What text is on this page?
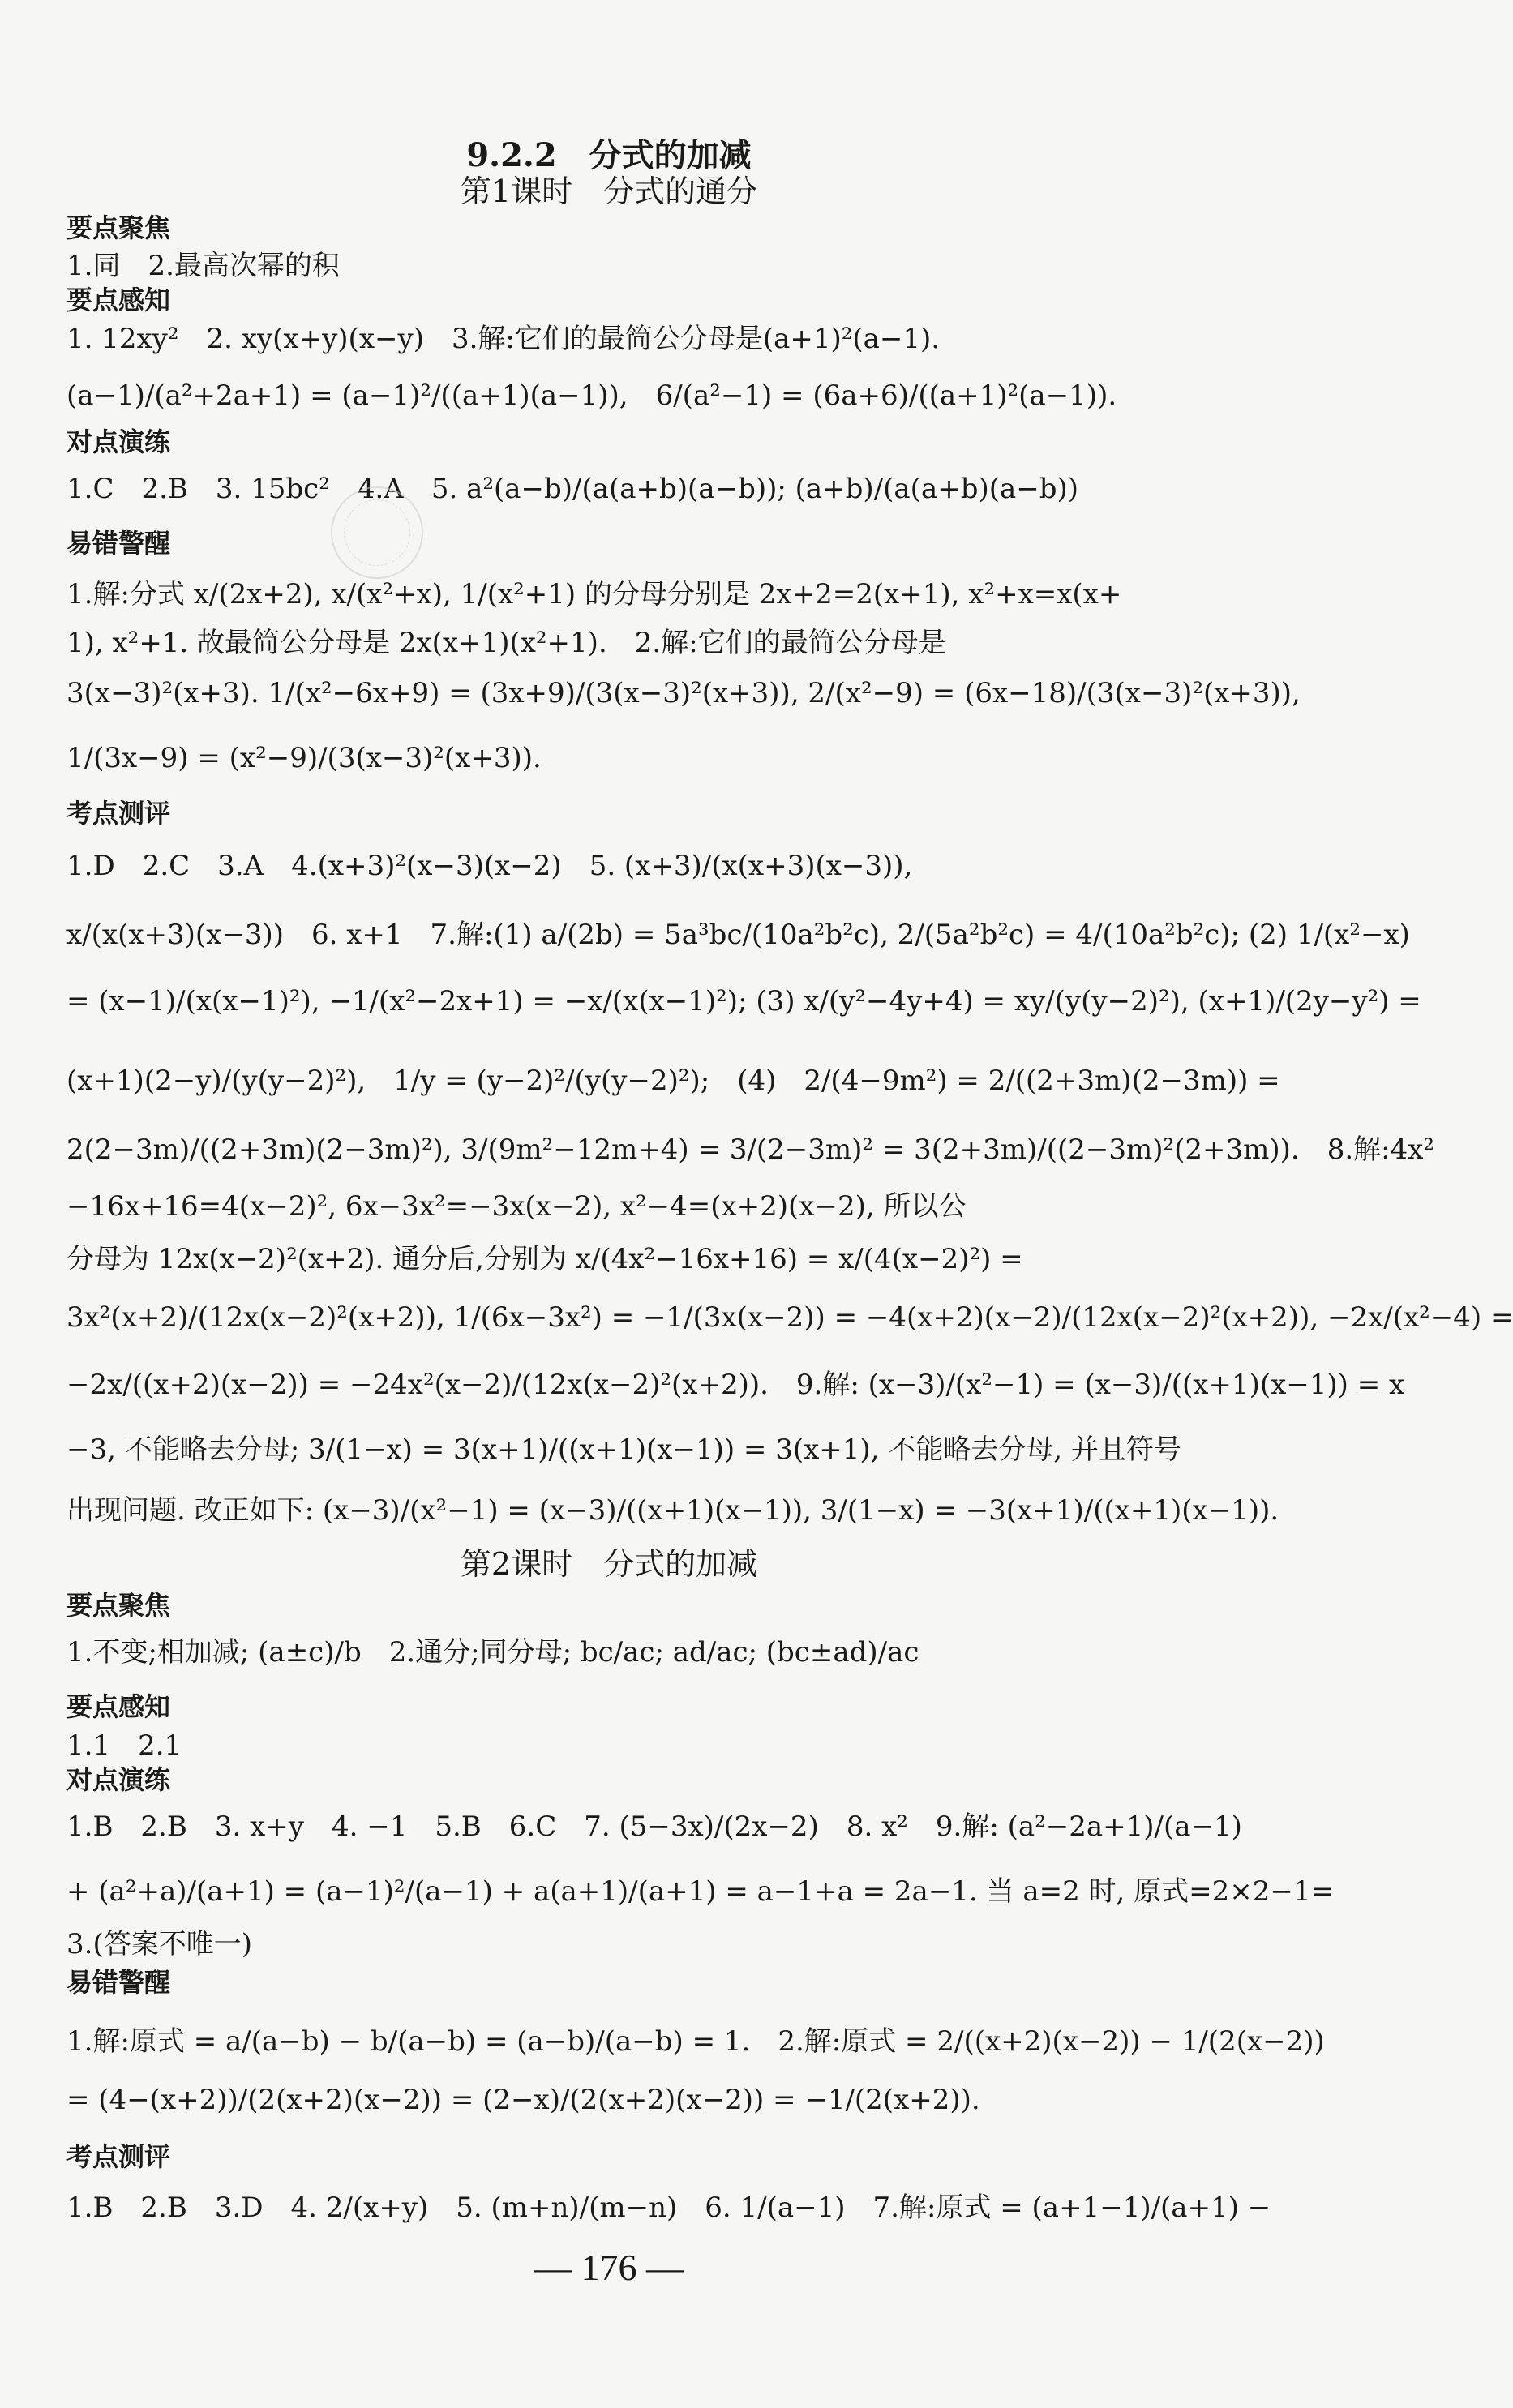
9.2.2　分式的加减
第1课时　分式的通分
要点聚焦
1.同　2.最高次幂的积
要点感知
1. 12xy²　2. xy(x+y)(x−y)　3.解:它们的最简公分母是(a+1)²(a−1).
(a−1)/(a²+2a+1) = (a−1)²/((a+1)(a−1)),　6/(a²−1) = (6a+6)/((a+1)²(a−1)).
对点演练
1.C　2.B　3. 15bc²　4.A　5. a²(a−b)/(a(a+b)(a−b)); (a+b)/(a(a+b)(a−b))
易错警醒
1.解:分式 x/(2x+2), x/(x²+x), 1/(x²+1) 的分母分别是 2x+2=2(x+1), x²+x=x(x+
1), x²+1. 故最简公分母是 2x(x+1)(x²+1).　2.解:它们的最简公分母是
3(x−3)²(x+3). 1/(x²−6x+9) = (3x+9)/(3(x−3)²(x+3)), 2/(x²−9) = (6x−18)/(3(x−3)²(x+3)),
1/(3x−9) = (x²−9)/(3(x−3)²(x+3)).
考点测评
1.D　2.C　3.A　4.(x+3)²(x−3)(x−2)　5. (x+3)/(x(x+3)(x−3)),
x/(x(x+3)(x−3))　6. x+1　7.解:(1) a/(2b) = 5a³bc/(10a²b²c), 2/(5a²b²c) = 4/(10a²b²c); (2) 1/(x²−x)
= (x−1)/(x(x−1)²), −1/(x²−2x+1) = −x/(x(x−1)²); (3) x/(y²−4y+4) = xy/(y(y−2)²), (x+1)/(2y−y²) =
(x+1)(2−y)/(y(y−2)²),　1/y = (y−2)²/(y(y−2)²);　(4)　2/(4−9m²) = 2/((2+3m)(2−3m)) =
2(2−3m)/((2+3m)(2−3m)²), 3/(9m²−12m+4) = 3/(2−3m)² = 3(2+3m)/((2−3m)²(2+3m)).　8.解:4x²
−16x+16=4(x−2)², 6x−3x²=−3x(x−2), x²−4=(x+2)(x−2), 所以公
分母为 12x(x−2)²(x+2). 通分后,分别为 x/(4x²−16x+16) = x/(4(x−2)²) =
3x²(x+2)/(12x(x−2)²(x+2)), 1/(6x−3x²) = −1/(3x(x−2)) = −4(x+2)(x−2)/(12x(x−2)²(x+2)), −2x/(x²−4) =
−2x/((x+2)(x−2)) = −24x²(x−2)/(12x(x−2)²(x+2)).　9.解: (x−3)/(x²−1) = (x−3)/((x+1)(x−1)) = x
−3, 不能略去分母; 3/(1−x) = 3(x+1)/((x+1)(x−1)) = 3(x+1), 不能略去分母, 并且符号
出现问题. 改正如下: (x−3)/(x²−1) = (x−3)/((x+1)(x−1)), 3/(1−x) = −3(x+1)/((x+1)(x−1)).
第2课时　分式的加减
要点聚焦
1.不变;相加减; (a±c)/b　2.通分;同分母; bc/ac; ad/ac; (bc±ad)/ac
要点感知
1.1　2.1
对点演练
1.B　2.B　3. x+y　4. −1　5.B　6.C　7. (5−3x)/(2x−2)　8. x²　9.解: (a²−2a+1)/(a−1)
+ (a²+a)/(a+1) = (a−1)²/(a−1) + a(a+1)/(a+1) = a−1+a = 2a−1. 当 a=2 时, 原式=2×2−1=
3.(答案不唯一)
易错警醒
1.解:原式 = a/(a−b) − b/(a−b) = (a−b)/(a−b) = 1.　2.解:原式 = 2/((x+2)(x−2)) − 1/(2(x−2))
= (4−(x+2))/(2(x+2)(x−2)) = (2−x)/(2(x+2)(x−2)) = −1/(2(x+2)).
考点测评
1.B　2.B　3.D　4. 2/(x+y)　5. (m+n)/(m−n)　6. 1/(a−1)　7.解:原式 = (a+1−1)/(a+1) −
— 176 —
